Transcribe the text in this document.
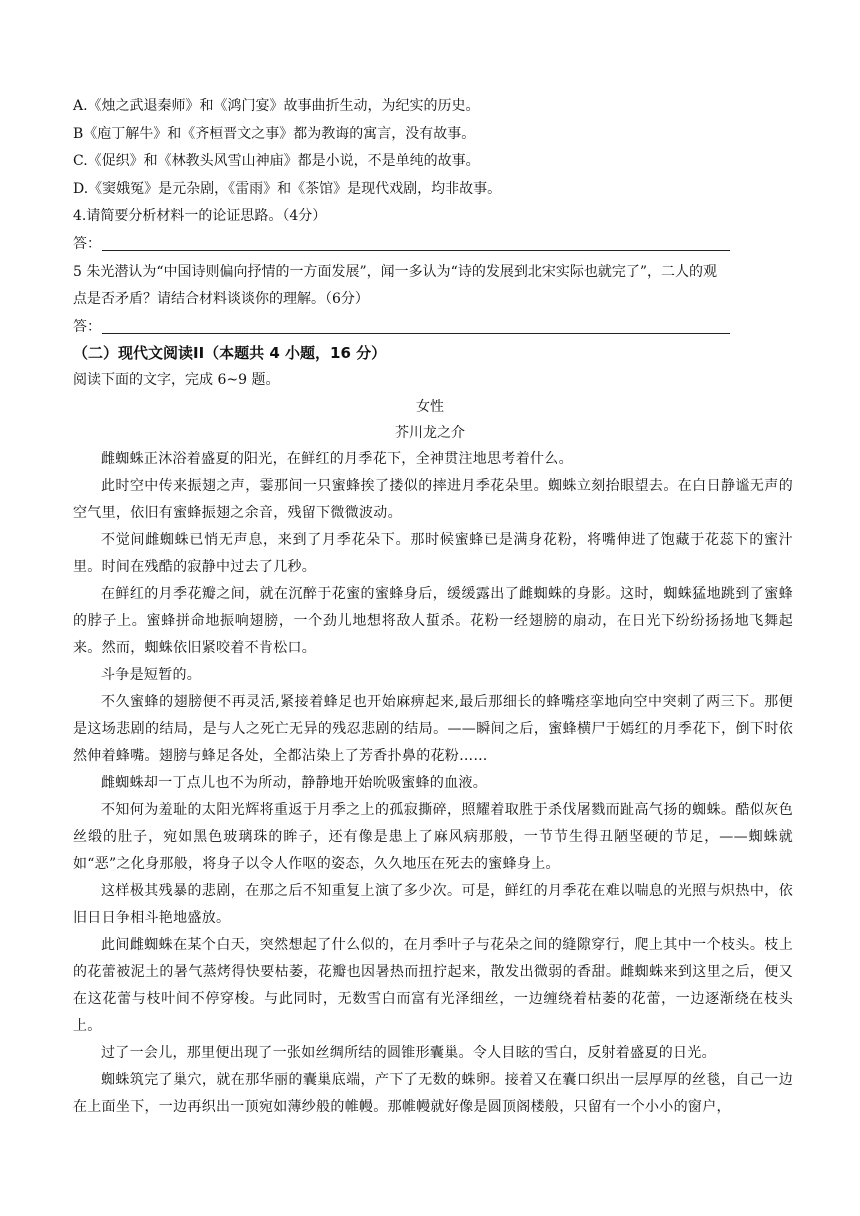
A.《烛之武退秦师》和《鸿门宴》故事曲折生动，为纪实的历史。
B《庖丁解牛》和《齐桓晋文之事》都为教诲的寓言，没有故事。
C.《促织》和《林教头风雪山神庙》都是小说，不是单纯的故事。
D.《窦娥冤》是元杂剧，《雷雨》和《茶馆》是现代戏剧，均非故事。
4.请简要分析材料一的论证思路。（4分）
答：
5 朱光潜认为“中国诗则偏向抒情的一方面发展”，闻一多认为“诗的发展到北宋实际也就完了”，二人的观
点是否矛盾？请结合材料谈谈你的理解。（6分）
答：
（二）现代文阅读II（本题共 4 小题，16 分）
阅读下面的文字，完成 6~9 题。
女性
芥川龙之介
雌蜘蛛正沐浴着盛夏的阳光，在鲜红的月季花下，全神贯注地思考着什么。
此时空中传来振翅之声，霎那间一只蜜蜂挨了搂似的摔进月季花朵里。蜘蛛立刻抬眼望去。在白日静谧无声的空气里，依旧有蜜蜂振翅之余音，残留下微微波动。
不觉间雌蜘蛛已悄无声息，来到了月季花朵下。那时候蜜蜂已是满身花粉，将嘴伸进了饱藏于花蕊下的蜜汁里。时间在残酷的寂静中过去了几秒。
在鲜红的月季花瓣之间，就在沉醉于花蜜的蜜蜂身后，缓缓露出了雌蜘蛛的身影。这时，蜘蛛猛地跳到了蜜蜂的脖子上。蜜蜂拼命地振响翅膀，一个劲儿地想将敌人蜇杀。花粉一经翅膀的扇动，在日光下纷纷扬扬地飞舞起来。然而，蜘蛛依旧紧咬着不肯松口。
斗争是短暂的。
不久蜜蜂的翅膀便不再灵活,紧接着蜂足也开始麻痹起来,最后那细长的蜂嘴痉挛地向空中突刺了两三下。那便是这场悲剧的结局，是与人之死亡无异的残忍悲剧的结局。——瞬间之后，蜜蜂横尸于嫣红的月季花下，倒下时依然伸着蜂嘴。翅膀与蜂足各处，全都沾染上了芳香扑鼻的花粉……
雌蜘蛛却一丁点儿也不为所动，静静地开始吮吸蜜蜂的血液。
不知何为羞耻的太阳光辉将重返于月季之上的孤寂撕碎，照耀着取胜于杀伐屠戮而趾高气扬的蜘蛛。酷似灰色丝缎的肚子，宛如黑色玻璃珠的眸子，还有像是患上了麻风病那般，一节节生得丑陋坚硬的节足，——蜘蛛就如“恶”之化身那般，将身子以令人作呕的姿态，久久地压在死去的蜜蜂身上。
这样极其残暴的悲剧，在那之后不知重复上演了多少次。可是，鲜红的月季花在难以喘息的光照与炽热中，依旧日日争相斗艳地盛放。
此间雌蜘蛛在某个白天，突然想起了什么似的，在月季叶子与花朵之间的缝隙穿行，爬上其中一个枝头。枝上的花蕾被泥土的暑气蒸烤得快要枯萎，花瓣也因暑热而扭拧起来，散发出微弱的香甜。雌蜘蛛来到这里之后，便又在这花蕾与枝叶间不停穿梭。与此同时，无数雪白而富有光泽细丝，一边缠绕着枯萎的花蕾，一边逐渐绕在枝头上。
过了一会儿，那里便出现了一张如丝绸所结的圆锥形囊巢。令人目眩的雪白，反射着盛夏的日光。
蜘蛛筑完了巢穴，就在那华丽的囊巢底端，产下了无数的蛛卵。接着又在囊口织出一层厚厚的丝毯，自己一边在上面坐下，一边再织出一顶宛如薄纱般的帷幔。那帷幔就好像是圆顶阁楼般，只留有一个小小的窗户，
